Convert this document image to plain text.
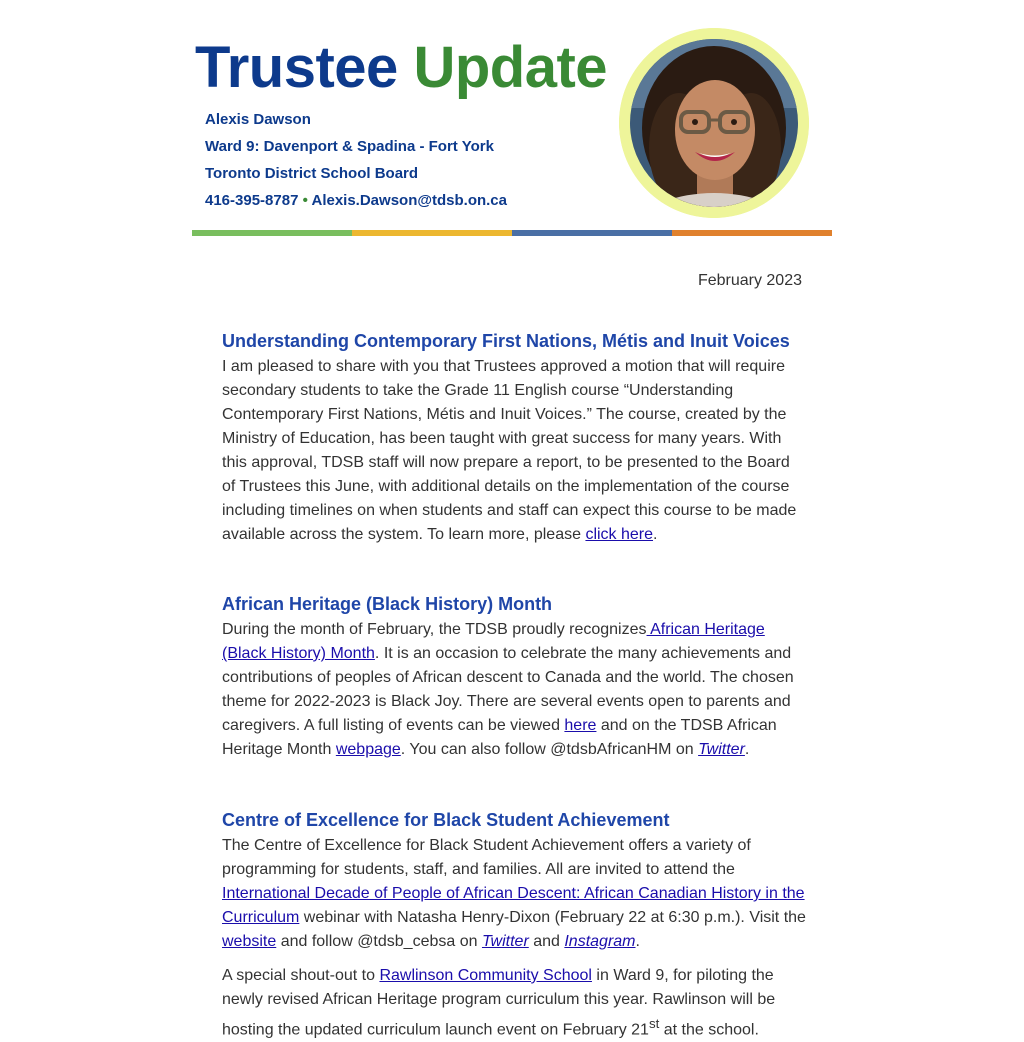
Trustee Update
Alexis Dawson
Ward 9: Davenport & Spadina - Fort York
Toronto District School Board
416-395-8787 • Alexis.Dawson@tdsb.on.ca
February 2023
Understanding Contemporary First Nations, Métis and Inuit Voices

I am pleased to share with you that Trustees approved a motion that will require secondary students to take the Grade 11 English course “Understanding Contemporary First Nations, Métis and Inuit Voices.” The course, created by the Ministry of Education, has been taught with great success for many years. With this approval, TDSB staff will now prepare a report, to be presented to the Board of Trustees this June, with additional details on the implementation of the course including timelines on when students and staff can expect this course to be made available across the system. To learn more, please click here.

African Heritage (Black History) Month

During the month of February, the TDSB proudly recognizes African Heritage (Black History) Month. It is an occasion to celebrate the many achievements and contributions of peoples of African descent to Canada and the world. The chosen theme for 2022-2023 is Black Joy. There are several events open to parents and caregivers. A full listing of events can be viewed here and on the TDSB African Heritage Month webpage. You can also follow @tdsbAfricanHM on Twitter.

Centre of Excellence for Black Student Achievement

The Centre of Excellence for Black Student Achievement offers a variety of programming for students, staff, and families. All are invited to attend the International Decade of People of African Descent: African Canadian History in the Curriculum webinar with Natasha Henry-Dixon (February 22 at 6:30 p.m.). Visit the website and follow @tdsb_cebsa on Twitter and Instagram.

A special shout-out to Rawlinson Community School in Ward 9, for piloting the newly revised African Heritage program curriculum this year. Rawlinson will be hosting the updated curriculum launch event on February 21st at the school.
